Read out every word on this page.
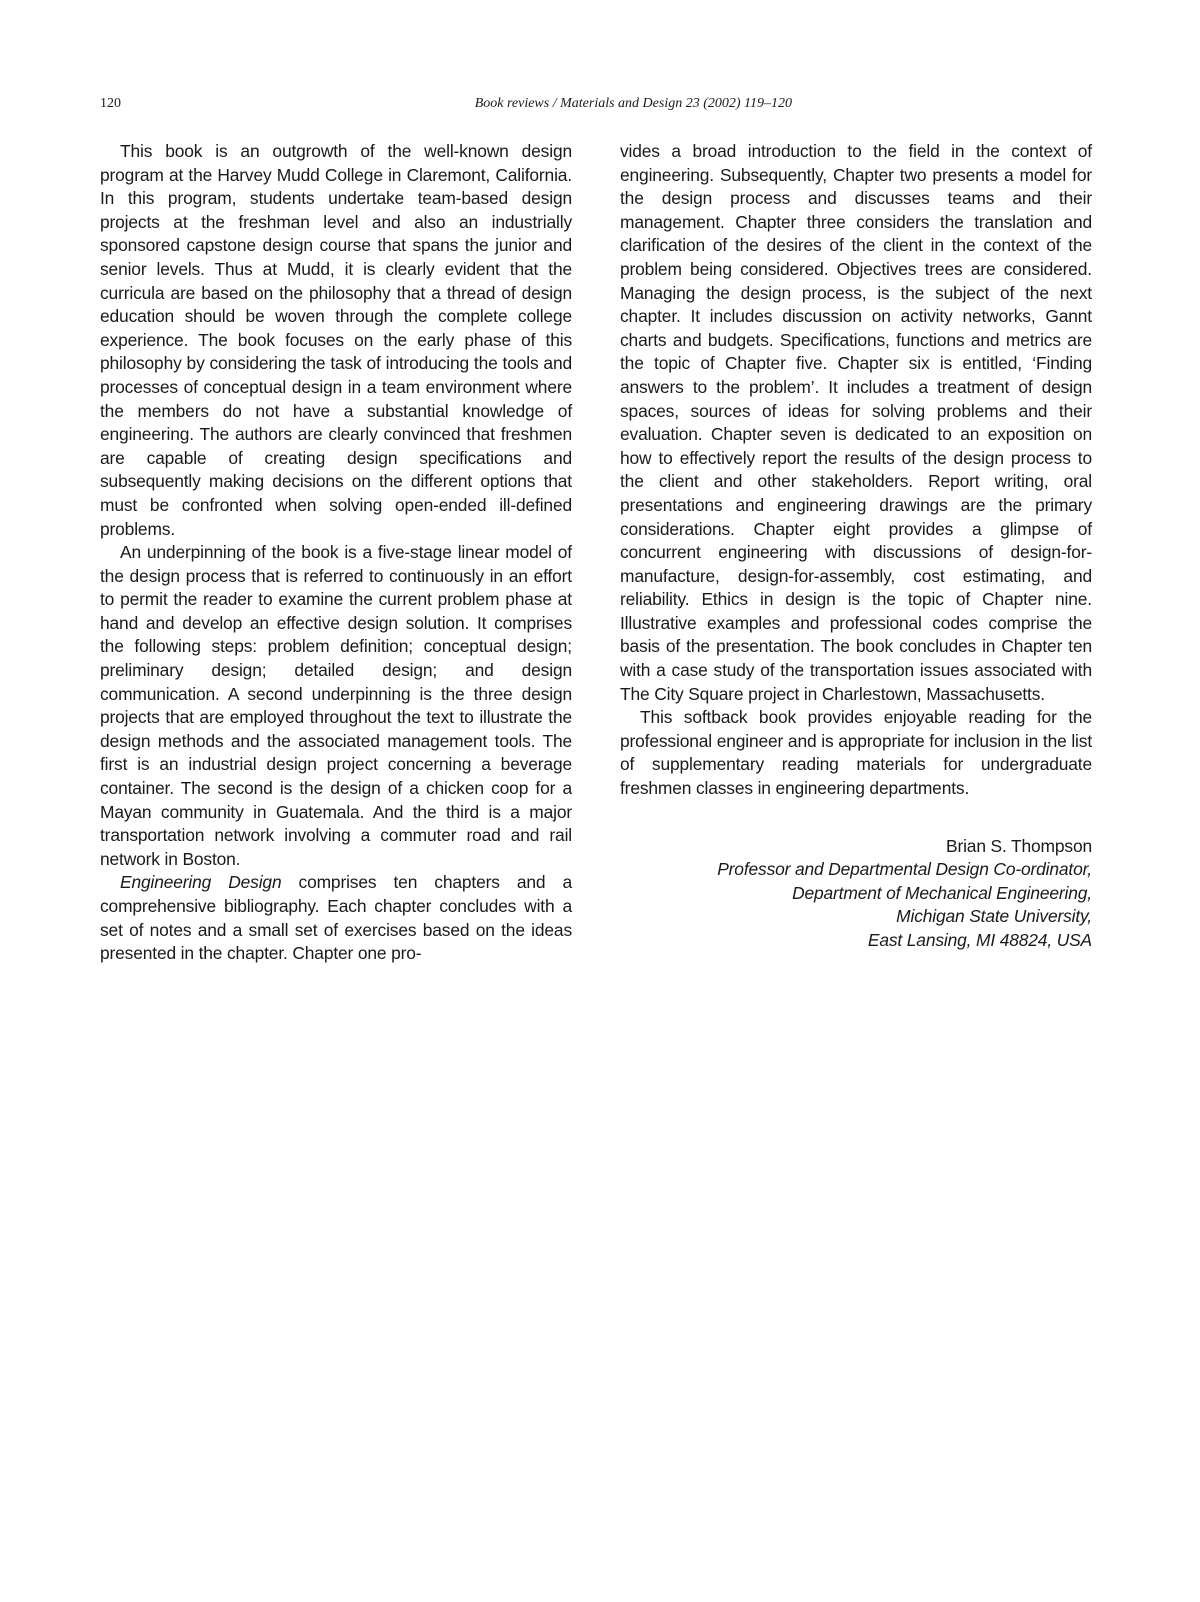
120	Book reviews / Materials and Design 23 (2002) 119–120

This book is an outgrowth of the well-known design program at the Harvey Mudd College in Claremont, California. In this program, students undertake team-based design projects at the freshman level and also an industrially sponsored capstone design course that spans the junior and senior levels. Thus at Mudd, it is clearly evident that the curricula are based on the philosophy that a thread of design education should be woven through the complete college experience. The book focuses on the early phase of this philosophy by considering the task of introducing the tools and processes of conceptual design in a team environment where the members do not have a substantial knowledge of engineering. The authors are clearly convinced that freshmen are capable of creating design specifications and subsequently making decisions on the different options that must be confronted when solving open-ended ill-defined problems.

An underpinning of the book is a five-stage linear model of the design process that is referred to continuously in an effort to permit the reader to examine the current problem phase at hand and develop an effective design solution. It comprises the following steps: problem definition; conceptual design; preliminary design; detailed design; and design communication. A second underpinning is the three design projects that are employed throughout the text to illustrate the design methods and the associated management tools. The first is an industrial design project concerning a beverage container. The second is the design of a chicken coop for a Mayan community in Guatemala. And the third is a major transportation network involving a commuter road and rail network in Boston.

Engineering Design comprises ten chapters and a comprehensive bibliography. Each chapter concludes with a set of notes and a small set of exercises based on the ideas presented in the chapter. Chapter one pro-

vides a broad introduction to the field in the context of engineering. Subsequently, Chapter two presents a model for the design process and discusses teams and their management. Chapter three considers the translation and clarification of the desires of the client in the context of the problem being considered. Objectives trees are considered. Managing the design process, is the subject of the next chapter. It includes discussion on activity networks, Gannt charts and budgets. Specifications, functions and metrics are the topic of Chapter five. Chapter six is entitled, ‘Finding answers to the problem’. It includes a treatment of design spaces, sources of ideas for solving problems and their evaluation. Chapter seven is dedicated to an exposition on how to effectively report the results of the design process to the client and other stakeholders. Report writing, oral presentations and engineering drawings are the primary considerations. Chapter eight provides a glimpse of concurrent engineering with discussions of design-for-manufacture, design-for-assembly, cost estimating, and reliability. Ethics in design is the topic of Chapter nine. Illustrative examples and professional codes comprise the basis of the presentation. The book concludes in Chapter ten with a case study of the transportation issues associated with The City Square project in Charlestown, Massachusetts.

This softback book provides enjoyable reading for the professional engineer and is appropriate for inclusion in the list of supplementary reading materials for undergraduate freshmen classes in engineering departments.

Brian S. Thompson
Professor and Departmental Design Co-ordinator,
Department of Mechanical Engineering,
Michigan State University,
East Lansing, MI 48824, USA
